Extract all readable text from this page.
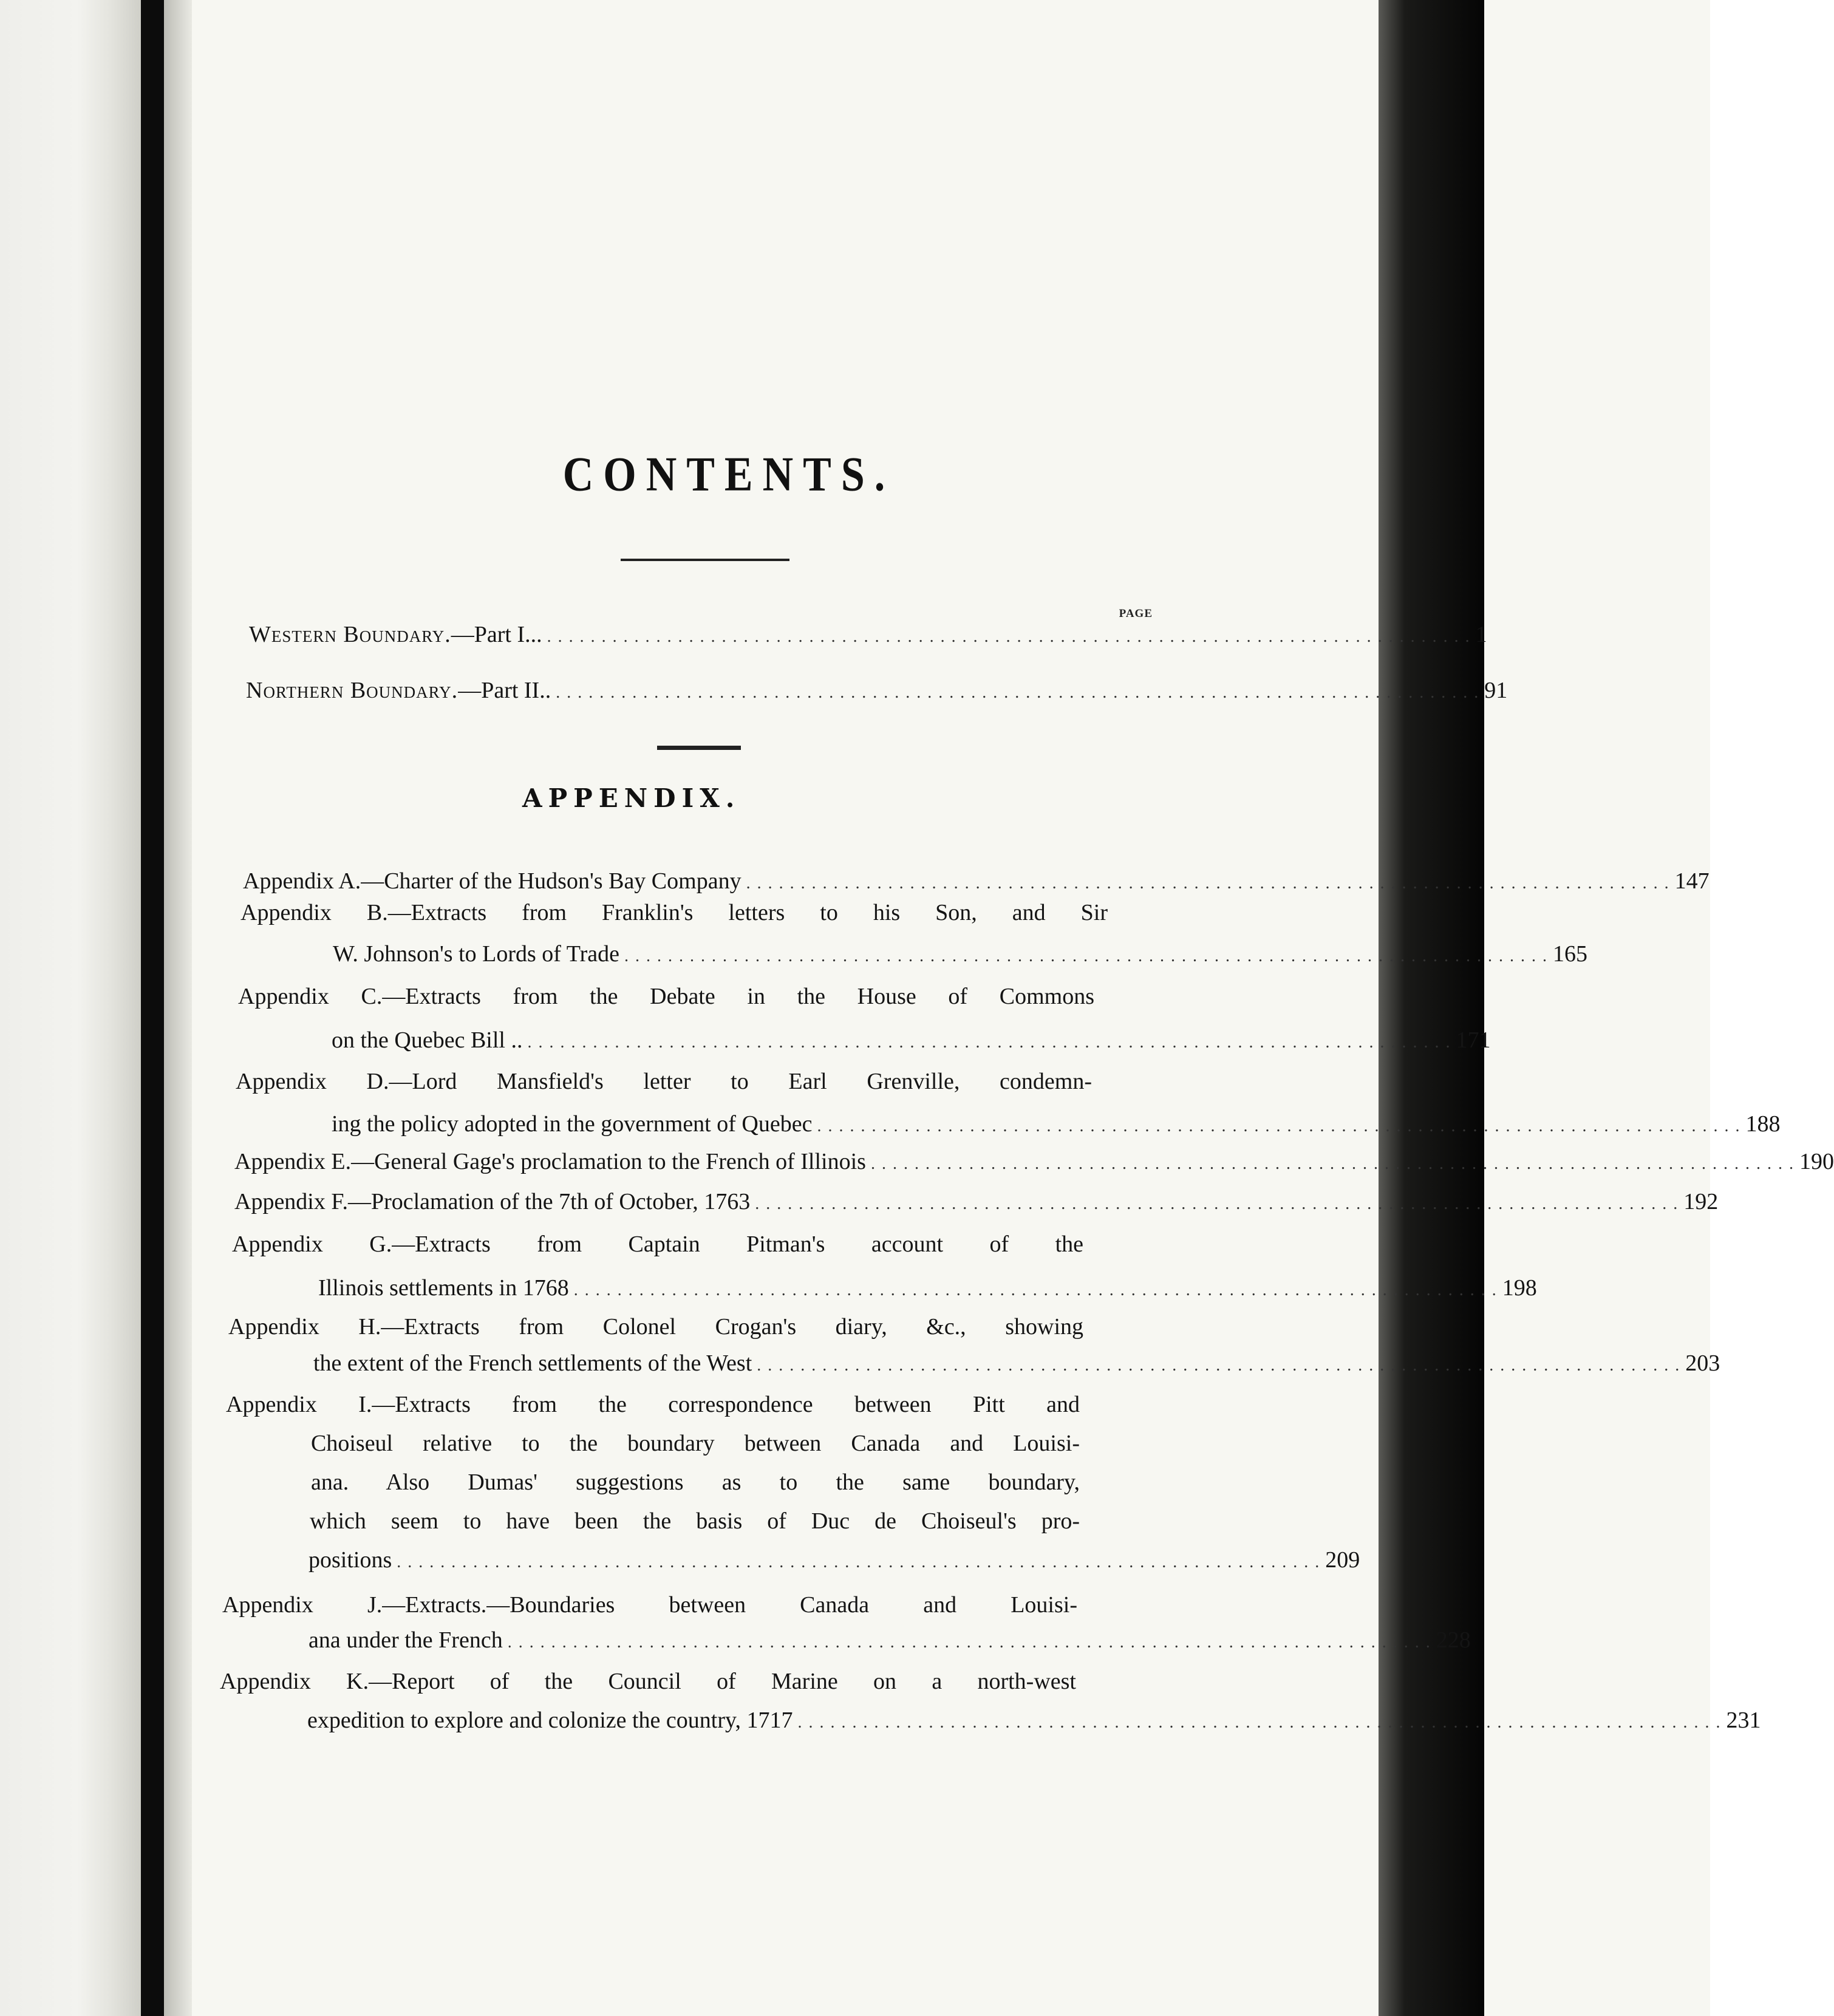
CONTENTS.
PAGE
Western Boundary.—Part I... . . .	1
Northern Boundary.—Part II.. . . .	91
APPENDIX.
Appendix A.—Charter of the Hudson's Bay Company . . .	147
Appendix B.—Extracts from Franklin's letters to his Son, and Sir
W. Johnson's to Lords of Trade . . .	165
Appendix C.—Extracts from the Debate in the House of Commons
on the Quebec Bill .. . . .	171
Appendix D.—Lord Mansfield's letter to Earl Grenville, condemn-
ing the policy adopted in the government of Quebec . . .	188
Appendix E.—General Gage's proclamation to the French of Illinois . . .	190
Appendix F.—Proclamation of the 7th of October, 1763 . . .	192
Appendix G.—Extracts from Captain Pitman's account of the
Illinois settlements in 1768 . . .	198
Appendix H.—Extracts from Colonel Crogan's diary, &c., showing
the extent of the French settlements of the West . . .	203
Appendix I.—Extracts from the correspondence between Pitt and
Choiseul relative to the boundary between Canada and Louisi-
ana. Also Dumas' suggestions as to the same boundary,
which seem to have been the basis of Duc de Choiseul's pro-
positions . . .	209
Appendix J.—Extracts.—Boundaries between Canada and Louisi-
ana under the French . . .	228
Appendix K.—Report of the Council of Marine on a north-west
expedition to explore and colonize the country, 1717 . . .	231
